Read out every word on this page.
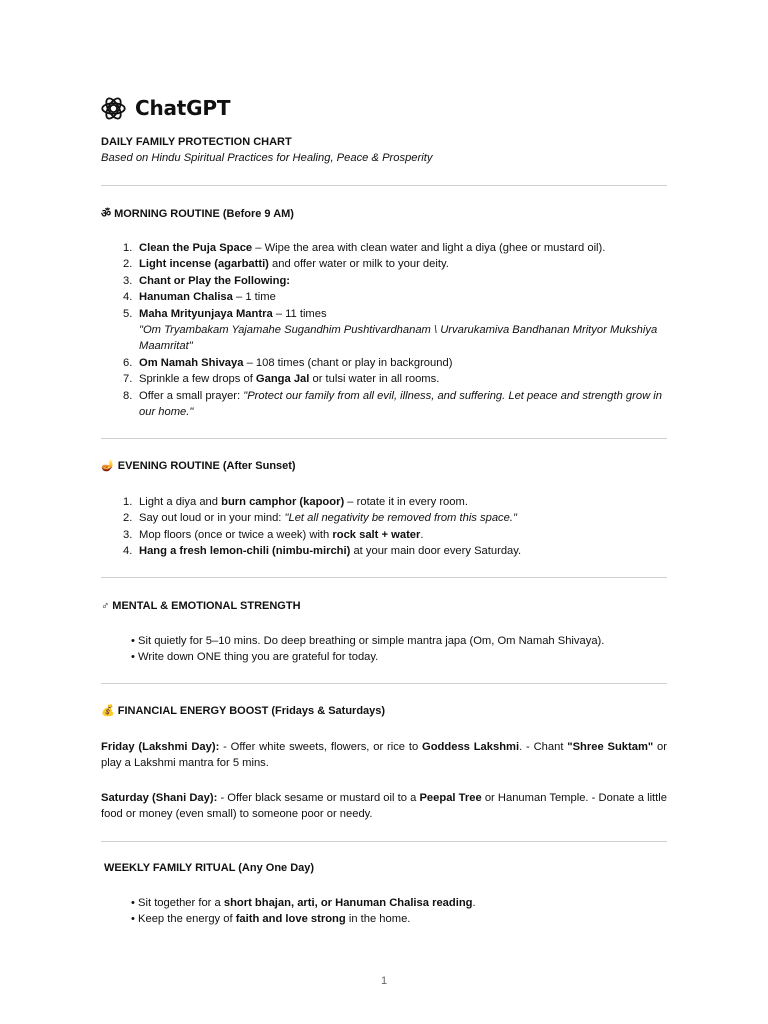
ChatGPT
DAILY FAMILY PROTECTION CHART
Based on Hindu Spiritual Practices for Healing, Peace & Prosperity
ॐ MORNING ROUTINE (Before 9 AM)
1. Clean the Puja Space – Wipe the area with clean water and light a diya (ghee or mustard oil).
2. Light incense (agarbatti) and offer water or milk to your deity.
3. Chant or Play the Following:
4. Hanuman Chalisa – 1 time
5. Maha Mrityunjaya Mantra – 11 times
"Om Tryambakam Yajamahe Sugandhim Pushtivardhanam \ Urvarukamiva Bandhanan Mrityor Mukshiya Maamritat"
6. Om Namah Shivaya – 108 times (chant or play in background)
7. Sprinkle a few drops of Ganga Jal or tulsi water in all rooms.
8. Offer a small prayer: "Protect our family from all evil, illness, and suffering. Let peace and strength grow in our home."
🪔 EVENING ROUTINE (After Sunset)
1. Light a diya and burn camphor (kapoor) – rotate it in every room.
2. Say out loud or in your mind: "Let all negativity be removed from this space."
3. Mop floors (once or twice a week) with rock salt + water.
4. Hang a fresh lemon-chili (nimbu-mirchi) at your main door every Saturday.
♂ MENTAL & EMOTIONAL STRENGTH
• Sit quietly for 5–10 mins. Do deep breathing or simple mantra japa (Om, Om Namah Shivaya).
• Write down ONE thing you are grateful for today.
💰 FINANCIAL ENERGY BOOST (Fridays & Saturdays)
Friday (Lakshmi Day): - Offer white sweets, flowers, or rice to Goddess Lakshmi. - Chant "Shree Suktam" or play a Lakshmi mantra for 5 mins.
Saturday (Shani Day): - Offer black sesame or mustard oil to a Peepal Tree or Hanuman Temple. - Donate a little food or money (even small) to someone poor or needy.
WEEKLY FAMILY RITUAL (Any One Day)
• Sit together for a short bhajan, arti, or Hanuman Chalisa reading.
• Keep the energy of faith and love strong in the home.
1
